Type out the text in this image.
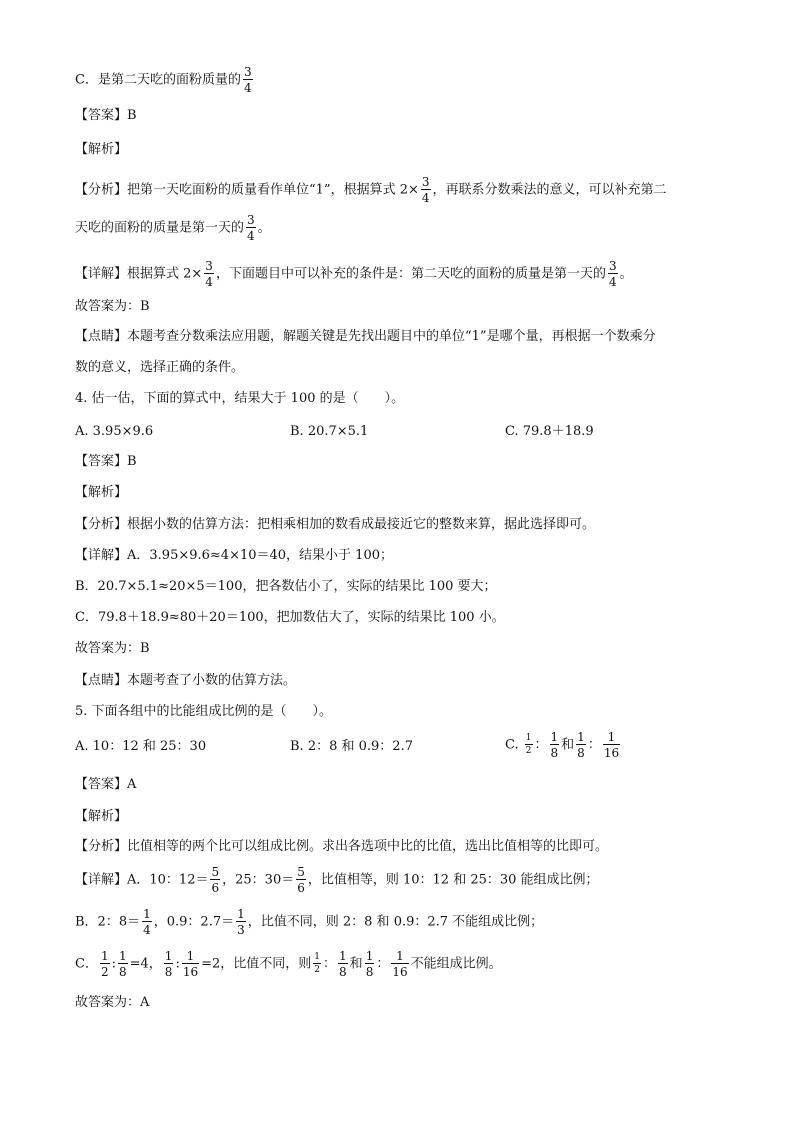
C．是第二天吃的面粉质量的 $\frac{3}{4}$
【答案】B
【解析】
【分析】把第一天吃面粉的质量看作单位“1”，根据算式 $2\times \frac{3}{4}$ ，再联系分数乘法的意义，可以补充第二
天吃的面粉的质量是第一天的 $\frac{3}{4}$ 。
【详解】根据算式 $2\times \frac{3}{4}$ ，下面题目中可以补充的条件是：第二天吃的面粉的质量是第一天的 $\frac{3}{4}$ 。
故答案为：B
【点睛】本题考查分数乘法应用题，解题关键是先找出题目中的单位“1”是哪个量，再根据一个数乘分
数的意义，选择正确的条件。
4. 估一估，下面的算式中，结果大于 100 的是（　　）。
A. 3.95×9.6	B. 20.7×5.1	C. 79.8＋18.9
【答案】B
【解析】
【分析】根据小数的估算方法：把相乘相加的数看成最接近它的整数来算，据此选择即可。
【详解】A．3.95×9.6≈4×10＝40，结果小于 100；
B．20.7×5.1≈20×5＝100，把各数估小了，实际的结果比 100 要大；
C．79.8＋18.9≈80＋20＝100，把加数估大了，实际的结果比 100 小。
故答案为：B
【点睛】本题考查了小数的估算方法。
5. 下面各组中的比能组成比例的是（　　）。
A. 10：12 和 25：30	B. 2：8 和 0.9：2.7	C. $\frac{1}{2}$ ： $\frac{1}{8}$ 和 $\frac{1}{8}$ ： $\frac{1}{16}$
【答案】A
【解析】
【分析】比值相等的两个比可以组成比例。求出各选项中比的比值，选出比值相等的比即可。
【详解】A．10：$12= \frac{5}{6}$ ，25：$30= \frac{5}{6}$ ，比值相等，则 10：12 和 25：30 能组成比例；
B．2：$8= \frac{1}{4}$ ，0.9：$2.7= \frac{1}{3}$ ，比值不同，则 2：8 和 0.9：2.7 不能组成比例；
C． $\frac{1}{2}$ : $\frac{1}{8} =4$， $\frac{1}{8}$ : $\frac{1}{16} =2$，比值不同，则 $\frac{1}{2}$ ： $\frac{1}{8}$ 和 $\frac{1}{8}$ ： $\frac{1}{16}$ 不能组成比例。
故答案为：A
